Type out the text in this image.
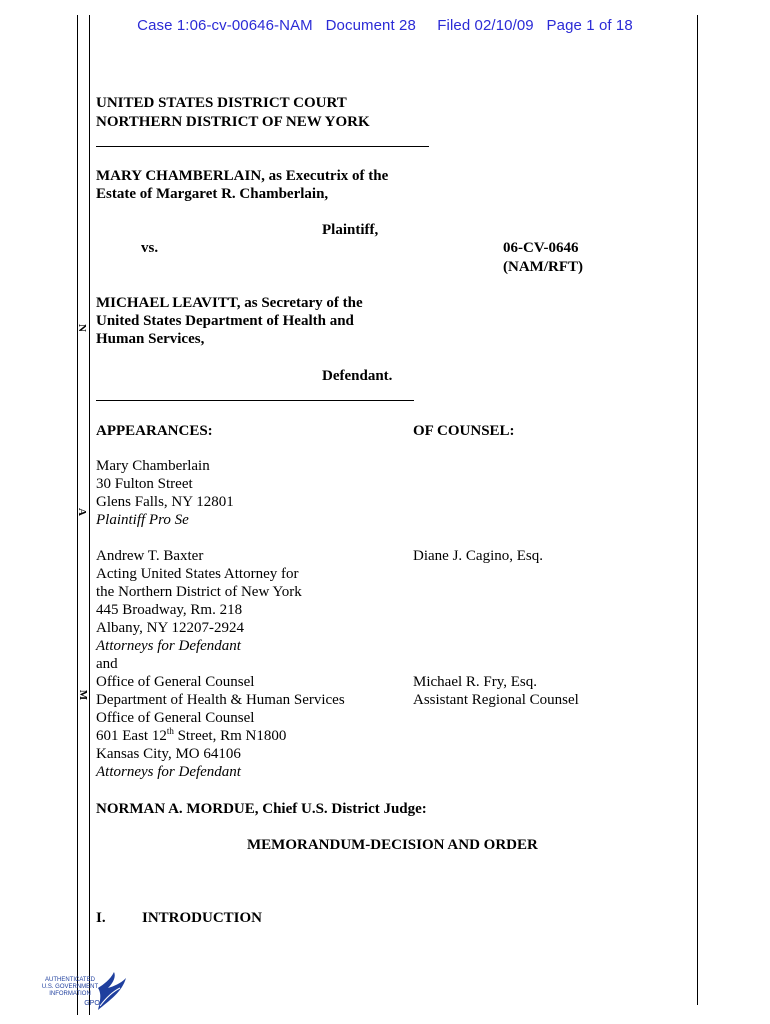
Case 1:06-cv-00646-NAM Document 28 Filed 02/10/09 Page 1 of 18
N
A
M
UNITED STATES DISTRICT COURT
NORTHERN DISTRICT OF NEW YORK
MARY CHAMBERLAIN, as Executrix of the
Estate of Margaret R. Chamberlain,
Plaintiff,
vs.	06-CV-0646
(NAM/RFT)
MICHAEL LEAVITT, as Secretary of the
United States Department of Health and
Human Services,
Defendant.
APPEARANCES:	OF COUNSEL:
Mary Chamberlain
30 Fulton Street
Glens Falls, NY 12801
Plaintiff Pro Se
Andrew T. Baxter	Diane J. Cagino, Esq.
Acting United States Attorney for
the Northern District of New York
445 Broadway, Rm. 218
Albany, NY 12207-2924
Attorneys for Defendant
and
Office of General Counsel	Michael R. Fry, Esq.
Department of Health & Human Services	Assistant Regional Counsel
Office of General Counsel
601 East 12th Street, Rm N1800
Kansas City, MO 64106
Attorneys for Defendant
NORMAN A. MORDUE, Chief U.S. District Judge:
MEMORANDUM-DECISION AND ORDER
I. INTRODUCTION
AUTHENTICATED
U.S. GOVERNMENT
INFORMATION
GPO
